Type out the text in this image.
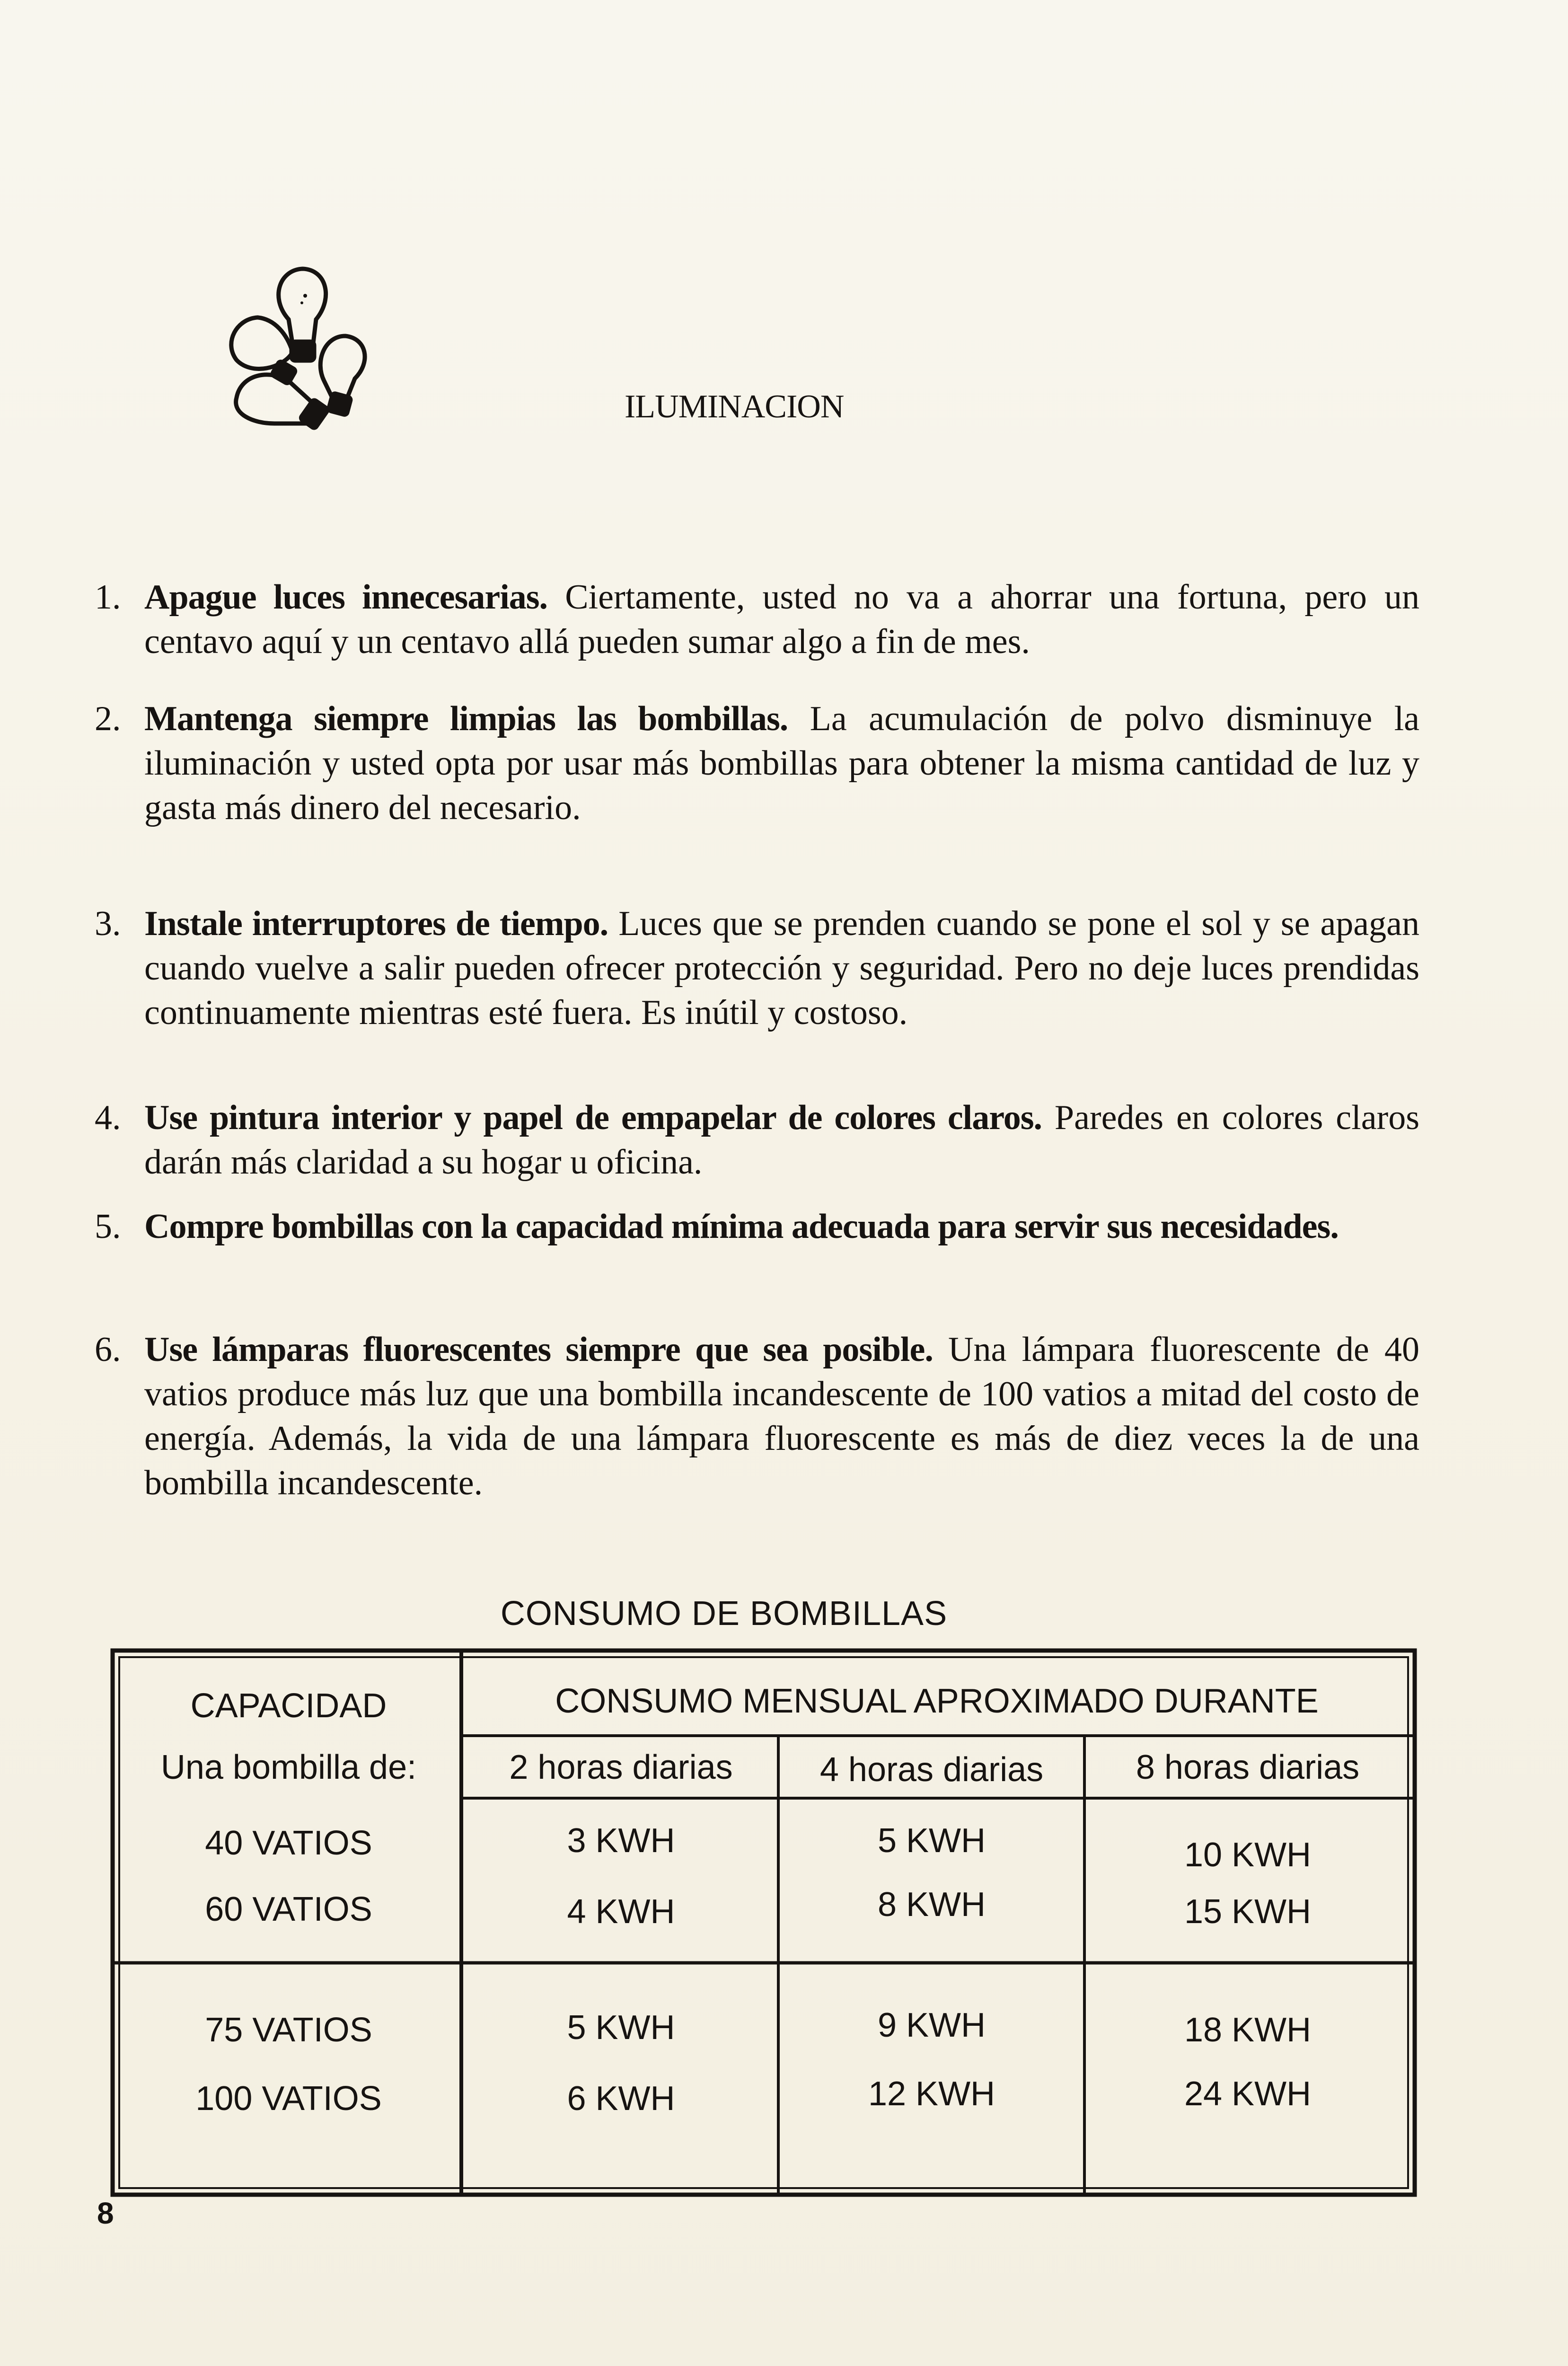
ILUMINACION
1. Apague luces innecesarias. Ciertamente, usted no va a ahorrar una fortuna, pero un centavo aquí y un centavo allá pueden sumar algo a fin de mes.
2. Mantenga siempre limpias las bombillas. La acumulación de polvo disminuye la iluminación y usted opta por usar más bombillas para obtener la misma cantidad de luz y gasta más dinero del necesario.
3. Instale interruptores de tiempo. Luces que se prenden cuando se pone el sol y se apagan cuando vuelve a salir pueden ofrecer protección y seguridad. Pero no deje luces prendidas continuamente mientras esté fuera. Es inútil y costoso.
4. Use pintura interior y papel de empapelar de colores claros. Paredes en colores claros darán más claridad a su hogar u oficina.
5. Compre bombillas con la capacidad mínima adecuada para servir sus necesidades.
6. Use lámparas fluorescentes siempre que sea posible. Una lámpara fluorescente de 40 vatios produce más luz que una bombilla incandescente de 100 vatios a mitad del costo de energía. Además, la vida de una lámpara fluorescente es más de diez veces la de una bombilla incandescente.
CONSUMO DE BOMBILLAS
CAPACIDAD
Una bombilla de:
CONSUMO MENSUAL APROXIMADO DURANTE
2 horas diarias	4 horas diarias	8 horas diarias
40 VATIOS	3 KWH	5 KWH	10 KWH
60 VATIOS	4 KWH	8 KWH	15 KWH
75 VATIOS	5 KWH	9 KWH	18 KWH
100 VATIOS	6 KWH	12 KWH	24 KWH
8
